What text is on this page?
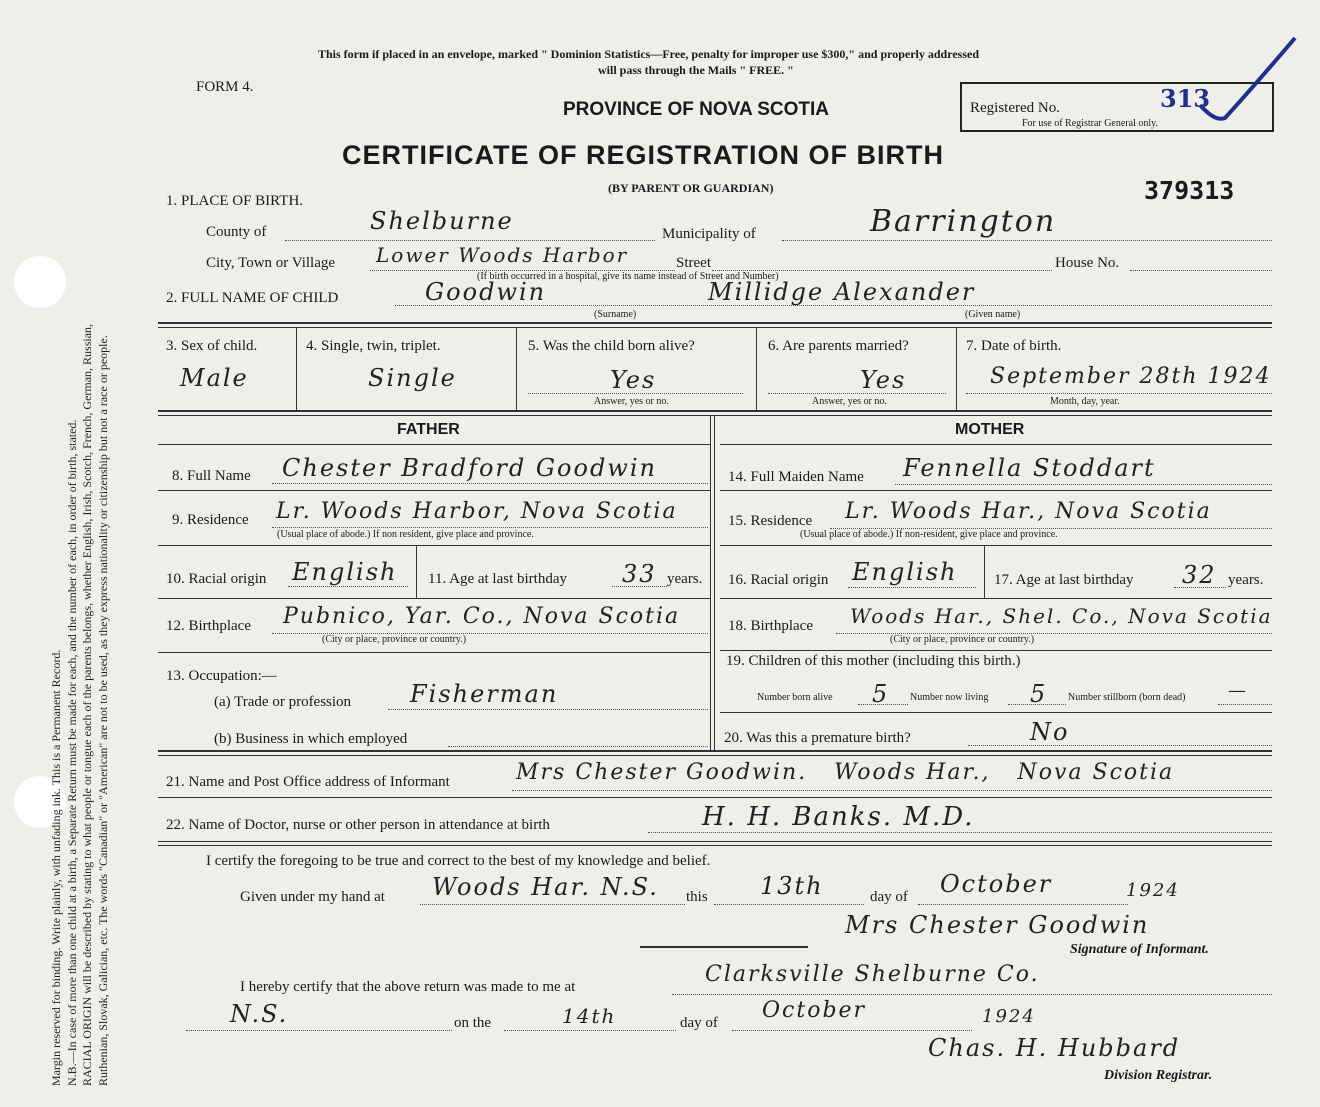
Margin reserved for binding. Write plainly, with unfading ink. This is a Permanent Record. N.B.—In case of more than one child at a birth, a Separate Return must be made for each, and the number of each, in order of birth, stated. RACIAL ORIGIN will be described by stating to what people or tongue each of the parents belongs, whether English, Irish, Scotch, French, German, Russian, Ruthenian, Slovak, Galician, etc. The words "Canadian" or "American" are not to be used, as they express nationality or citizenship but not a race or people.
This form if placed in an envelope, marked " Dominion Statistics—Free, penalty for improper use $300," and properly addressed
will pass through the Mails " FREE. "
FORM 4.
PROVINCE OF NOVA SCOTIA
CERTIFICATE OF REGISTRATION OF BIRTH
(BY PARENT OR GUARDIAN)
Registered No.	313
For use of Registrar General only.
379313
1. PLACE OF BIRTH.
County of	Shelburne	Municipality of	Barrington
City, Town or Village Lower Woods Harbor	Street	House No.
(If birth occurred in a hospital, give its name instead of Street and Number)
2. FULL NAME OF CHILD	Goodwin	Millidge Alexander
(Surname)	(Given name)
3. Sex of child.
Male
4. Single, twin, triplet.
Single
5. Was the child born alive?
Yes
Answer, yes or no.
6. Are parents married?
Yes
Answer, yes or no.
7. Date of birth.
September 28th 1924
Month, day, year.
FATHER	MOTHER
8. Full Name Chester Bradford Goodwin
9. Residence Lr. Woods Harbor, Nova Scotia
(Usual place of abode.) If non resident, give place and province.
10. Racial origin English 11. Age at last birthday 33 years.
12. Birthplace Pubnico, Yar. Co., Nova Scotia
(City or place, province or country.)
13. Occupation:—
(a) Trade or profession Fisherman
(b) Business in which employed
14. Full Maiden Name Fennella Stoddart
15. Residence Lr. Woods Har., Nova Scotia
(Usual place of abode.) If non-resident, give place and province.
16. Racial origin English 17. Age at last birthday 32 years.
18. Birthplace Woods Har., Shel. Co., Nova Scotia
(City or place, province or country.)
19. Children of this mother (including this birth.)
Number born alive 5 Number now living 5 Number stillborn (born dead) —
20. Was this a premature birth?	No
21. Name and Post Office address of Informant	Mrs Chester Goodwin.   Woods Har.,   Nova Scotia
22. Name of Doctor, nurse or other person in attendance at birth	H. H. Banks. M.D.
I certify the foregoing to be true and correct to the best of my knowledge and belief.
Given under my hand at Woods Har. N.S. this 13th	day of October	1924
Mrs Chester Goodwin
Signature of Informant.
I hereby certify that the above return was made to me at	Clarksville Shelburne Co.
N.S.	on the	14th	day of October	1924
Chas. H. Hubbard
Division Registrar.
